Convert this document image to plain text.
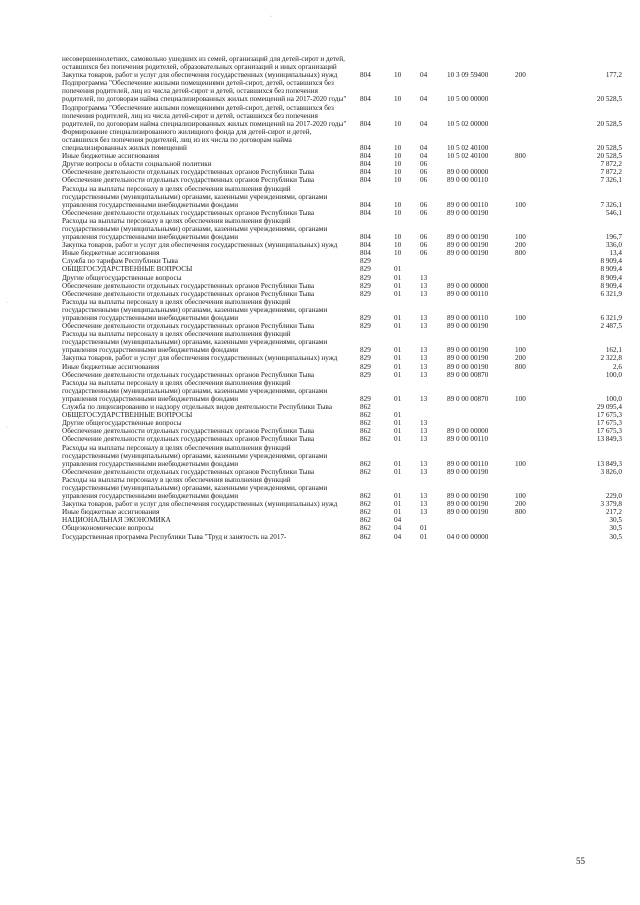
·
·
·
несовершеннолетних, самовольно ушедших из семей, организаций для детей-сирот и детей, оставшихся без попечения родителей, образовательных организаций и иных организаций
Закупка товаров, работ и услуг для обеспечения государственных (муниципальных) нужд	804	10	04	10 3 09 59400	200	177,2
Подпрограмма "Обеспечение жилыми помещениями детей-сирот, детей, оставшихся без попечения родителей, лиц из числа детей-сирот и детей, оставшихся без попечения родителей, по договорам найма специализированных жилых помещений на 2017-2020 годы"	804	10	04	10 5 00 00000	20 528,5
Подпрограмма "Обеспечение жилыми помещениями детей-сирот, детей, оставшихся без попечения родителей, лиц из числа детей-сирот и детей, оставшихся без попечения родителей, по договорам найма специализированных жилых помещений на 2017-2020 годы"	804	10	04	10 5 02 00000	20 528,5
Формирование специализированного жилищного фонда для детей-сирот и детей, оставшихся без попечения родителей, лиц из их числа по договорам найма специализированных жилых помещений	804	10	04	10 5 02 40100	20 528,5
Иные бюджетные ассигнования	804	10	04	10 5 02 40100	800	20 528,5
Другие вопросы в области социальной политики	804	10	06	7 872,2
Обеспечение деятельности отдельных государственных органов Республики Тыва	804	10	06	89 0 00 00000	7 872,2
Обеспечение деятельности отдельных государственных органов Республики Тыва	804	10	06	89 0 00 00110	7 326,1
Расходы на выплаты персоналу в целях обеспечения выполнения функций государственными (муниципальными) органами, казенными учреждениями, органами управления государственными внебюджетными фондами	804	10	06	89 0 00 00110	100	7 326,1
Обеспечение деятельности отдельных государственных органов Республики Тыва	804	10	06	89 0 00 00190	546,1
Расходы на выплаты персоналу в целях обеспечения выполнения функций государственными (муниципальными) органами, казенными учреждениями, органами управления государственными внебюджетными фондами	804	10	06	89 0 00 00190	100	196,7
Закупка товаров, работ и услуг для обеспечения государственных (муниципальных) нужд	804	10	06	89 0 00 00190	200	336,0
Иные бюджетные ассигнования	804	10	06	89 0 00 00190	800	13,4
Служба по тарифам Республики Тыва	829	8 909,4
ОБЩЕГОСУДАРСТВЕННЫЕ ВОПРОСЫ	829	01	8 909,4
Другие общегосударственные вопросы	829	01	13	8 909,4
Обеспечение деятельности отдельных государственных органов Республики Тыва	829	01	13	89 0 00 00000	8 909,4
Обеспечение деятельности отдельных государственных органов Республики Тыва	829	01	13	89 0 00 00110	6 321,9
Расходы на выплаты персоналу в целях обеспечения выполнения функций государственными (муниципальными) органами, казенными учреждениями, органами управления государственными внебюджетными фондами	829	01	13	89 0 00 00110	100	6 321,9
Обеспечение деятельности отдельных государственных органов Республики Тыва	829	01	13	89 0 00 00190	2 487,5
Расходы на выплаты персоналу в целях обеспечения выполнения функций государственными (муниципальными) органами, казенными учреждениями, органами управления государственными внебюджетными фондами	829	01	13	89 0 00 00190	100	162,1
Закупка товаров, работ и услуг для обеспечения государственных (муниципальных) нужд	829	01	13	89 0 00 00190	200	2 322,8
Иные бюджетные ассигнования	829	01	13	89 0 00 00190	800	2,6
Обеспечение деятельности отдельных государственных органов Республики Тыва	829	01	13	89 0 00 00870	100,0
Расходы на выплаты персоналу в целях обеспечения выполнения функций государственными (муниципальными) органами, казенными учреждениями, органами управления государственными внебюджетными фондами	829	01	13	89 0 00 00870	100	100,0
Служба по лицензированию и надзору отдельных видов деятельности Республики Тыва	862	29 095,4
ОБЩЕГОСУДАРСТВЕННЫЕ ВОПРОСЫ	862	01	17 675,3
Другие общегосударственные вопросы	862	01	13	17 675,3
Обеспечение деятельности отдельных государственных органов Республики Тыва	862	01	13	89 0 00 00000	17 675,3
Обеспечение деятельности отдельных государственных органов Республики Тыва	862	01	13	89 0 00 00110	13 849,3
Расходы на выплаты персоналу в целях обеспечения выполнения функций государственными (муниципальными) органами, казенными учреждениями, органами управления государственными внебюджетными фондами	862	01	13	89 0 00 00110	100	13 849,3
Обеспечение деятельности отдельных государственных органов Республики Тыва	862	01	13	89 0 00 00190	3 826,0
Расходы на выплаты персоналу в целях обеспечения выполнения функций государственными (муниципальными) органами, казенными учреждениями, органами управления государственными внебюджетными фондами	862	01	13	89 0 00 00190	100	229,0
Закупка товаров, работ и услуг для обеспечения государственных (муниципальных) нужд	862	01	13	89 0 00 00190	200	3 379,8
Иные бюджетные ассигнования	862	01	13	89 0 00 00190	800	217,2
НАЦИОНАЛЬНАЯ ЭКОНОМИКА	862	04	30,5
Общеэкономические вопросы	862	04	01	30,5
Государственная программа Республики Тыва "Труд и занятость на 2017-	862	04	01	04 0 00 00000	30,5
55
